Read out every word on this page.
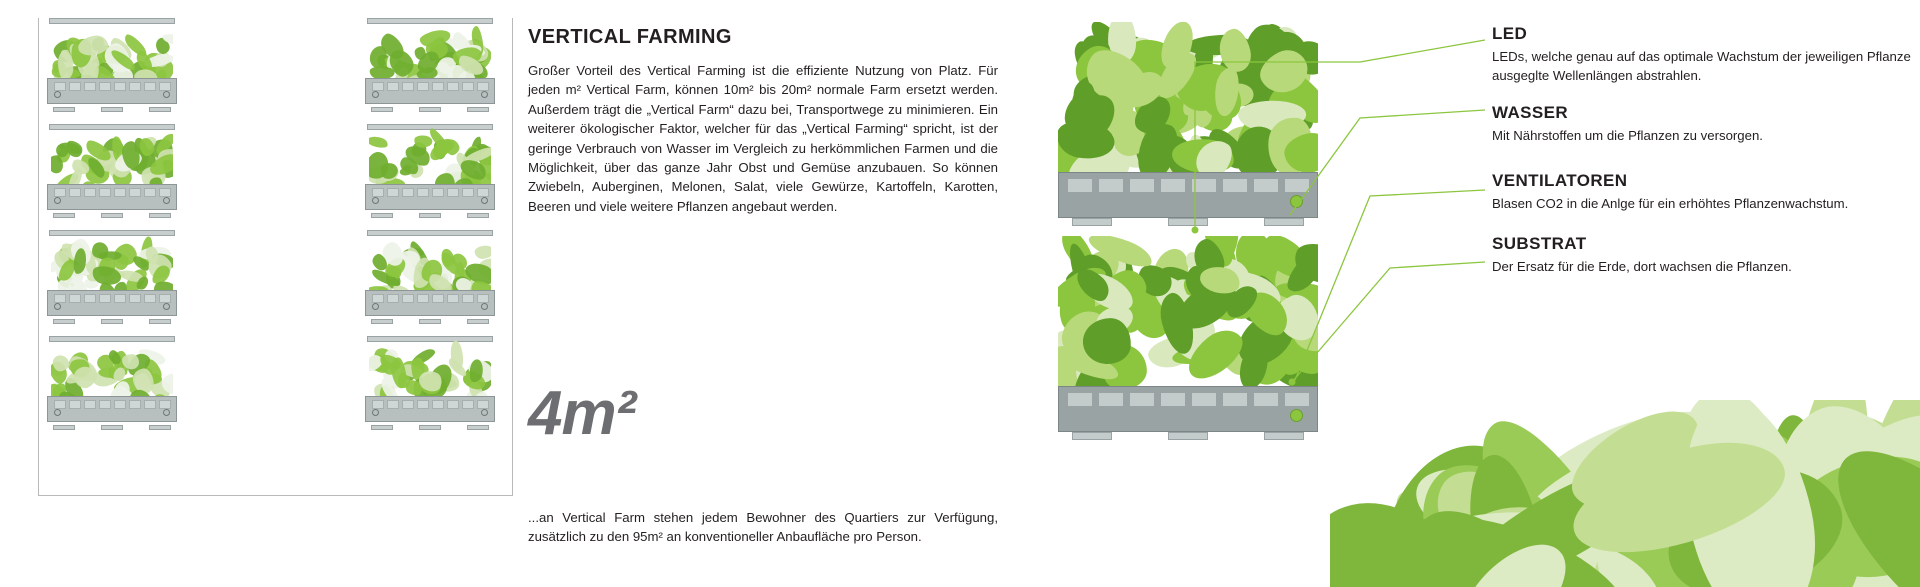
VERTICAL FARMING

Großer Vorteil des Vertical Farming ist die effiziente Nutzung von Platz. Für jeden m² Vertical Farm, können 10m² bis 20m² normale Farm ersetzt werden. Außerdem trägt die „Vertical Farm“ dazu bei, Transportwege zu minimieren. Ein weiterer ökologischer Faktor, welcher für das „Vertical Farming“ spricht, ist der geringe Verbrauch von Wasser im Vergleich zu herkömmlichen Farmen und die Möglichkeit, über das ganze Jahr Obst und Gemüse anzubauen. So können Zwiebeln, Auberginen, Melonen, Salat, viele Gewürze, Kartoffeln, Karotten, Beeren und viele weitere Pflanzen angebaut werden.

4m²
...an Vertical Farm stehen jedem Bewohner des Quartiers zur Verfügung, zusätzlich zu den 95m² an konventioneller Anbaufläche pro Person.
LED

LEDs, welche genau auf das optimale Wachstum der jeweiligen Pflanze ausgeglte Wellenlängen abstrahlen.

WASSER

Mit Nährstoffen um die Pflanzen zu versorgen.

VENTILATOREN

Blasen CO2 in die Anlge für ein erhöhtes Pflanzenwachstum.

SUBSTRAT

Der Ersatz für die Erde, dort wachsen die Pflanzen.
